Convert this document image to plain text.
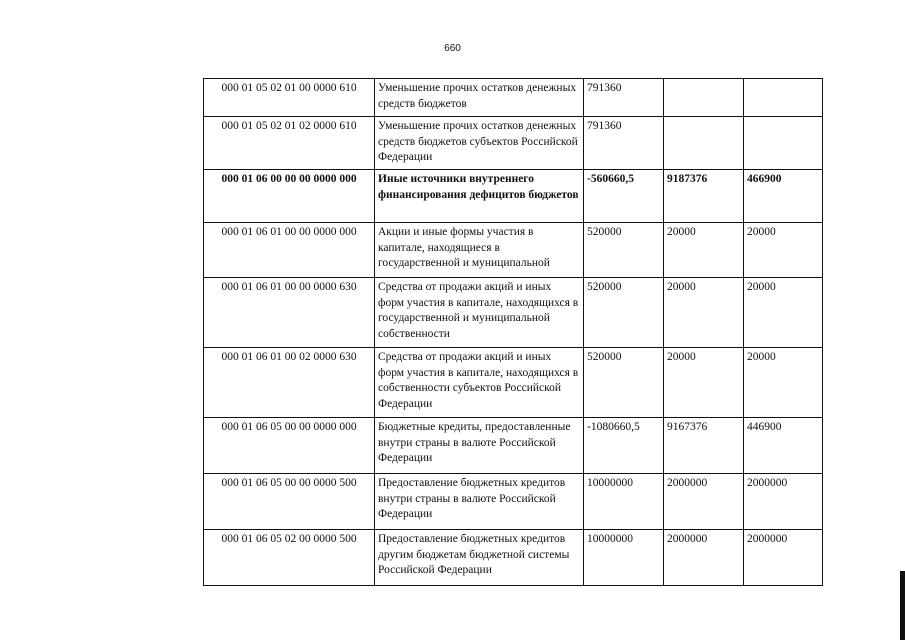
660
000 01 05 02 01 00 0000 610	Уменьшение прочих остатков денежных средств бюджетов	791360		
000 01 05 02 01 02 0000 610	Уменьшение прочих остатков денежных средств бюджетов субъектов Российской Федерации	791360		
000 01 06 00 00 00 0000 000	Иные источники внутреннего финансирования дефицитов бюджетов	-560660,5	9187376	466900
000 01 06 01 00 00 0000 000	Акции и иные формы участия в капитале, находящиеся в государственной и муниципальной	520000	20000	20000
000 01 06 01 00 00 0000 630	Средства от продажи акций и иных форм участия в капитале, находящихся в государственной и муниципальной собственности	520000	20000	20000
000 01 06 01 00 02 0000 630	Средства от продажи акций и иных форм участия в капитале, находящихся в собственности субъектов Российской Федерации	520000	20000	20000
000 01 06 05 00 00 0000 000	Бюджетные кредиты, предоставленные внутри страны в валюте Российской Федерации	-1080660,5	9167376	446900
000 01 06 05 00 00 0000 500	Предоставление бюджетных кредитов внутри страны в валюте Российской Федерации	10000000	2000000	2000000
000 01 06 05 02 00 0000 500	Предоставление бюджетных кредитов другим бюджетам бюджетной системы Российской Федерации	10000000	2000000	2000000
